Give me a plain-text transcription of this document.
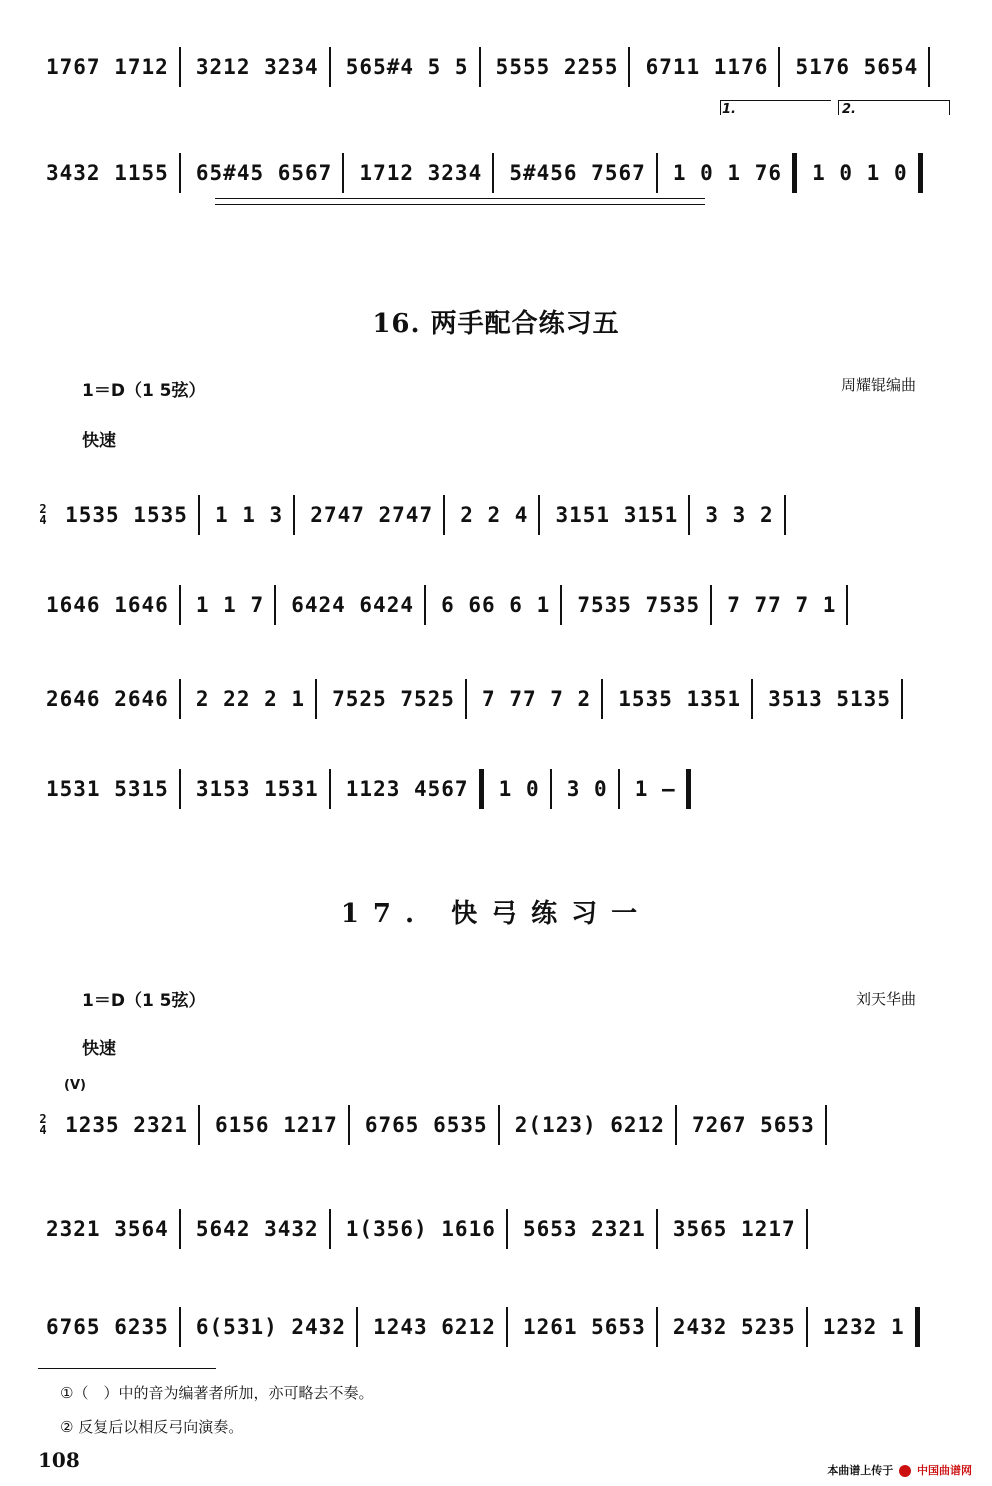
1767 1712 3212 3234 565#4 5 5 5555 2255 6711 1176 5176 5654
1.	2.
3432 1155 65#45 6567 1712 3234 5#456 7567 1 0 1 76 1 0 1 0
16. 两手配合练习五
1＝D（1 5弦）	周耀锟编曲
快速
2
4 1535 1535 1 1 3 2747 2747 2 2 4 3151 3151 3 3 2
1646 1646 1 1 7 6424 6424 6 66 6 1 7535 7535 7 77 7 1
2646 2646 2 22 2 1 7525 7525 7 77 7 2 1535 1351 3513 5135
1531 5315 3153 1531 1123 4567 1 0 3 0 1 –
17. 快弓练习一
1＝D（1 5弦）	刘天华曲
快速
(V)
2
4 1235 2321 6156 1217 6765 6535 2(123) 6212 7267 5653
2321 3564 5642 3432 1(356) 1616 5653 2321 3565 1217
6765 6235 6(531) 2432 1243 6212 1261 5653 2432 5235 1232 1
①（　）中的音为编著者所加，亦可略去不奏。
② 反复后以相反弓向演奏。
108	本曲谱上传于 中国曲谱网
